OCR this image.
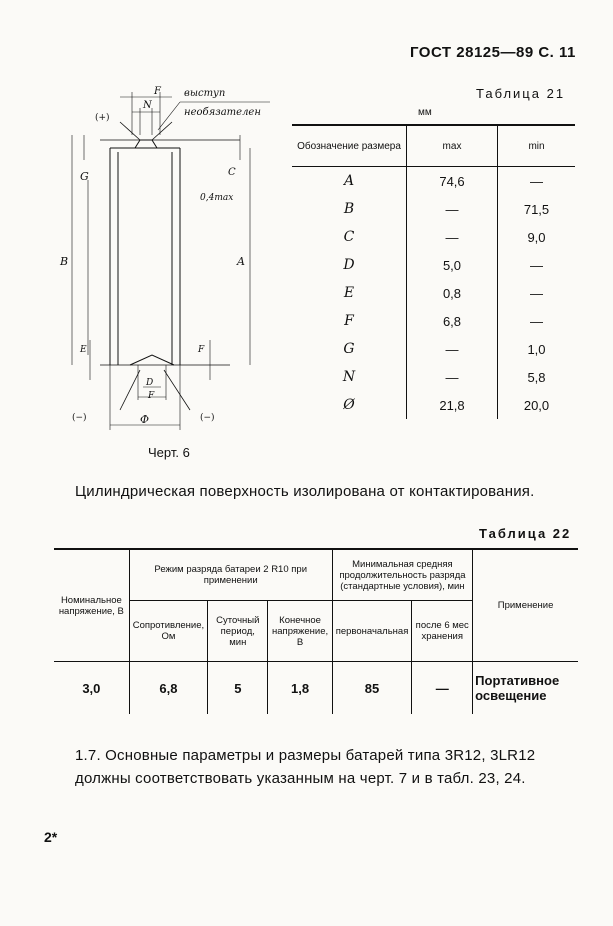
ГОСТ 28125—89 С. 11
Таблица 21
мм
Обозначение размера	max	min
A	74,6	—
B	—	71,5
C	—	9,0
D	5,0	—
E	0,8	—
F	6,8	—
G	—	1,0
N	—	5,8
Ø	21,8	20,0
F
N
(+)
выступ
необязателен
G
B	A
C
0,4max
E	F
D
F
Φ
(−)	(−)
Черт. 6
Цилиндрическая поверхность изолирована от контактирования.
Таблица 22
Номинальное напряжение, В	Режим разряда батареи 2 R10 при применении			Минимальная средняя продолжительность разряда (стандартные условия), мин		Применение
	Сопротивление, Ом	Суточный период, мин	Конечное напряжение, В	первоначальная	после 6 мес хранения	
3,0	6,8	5	1,8	85	—	Портативное освещение
1.7. Основные параметры и размеры батарей типа 3R12, 3LR12 должны соответствовать указанным на черт. 7 и в табл. 23, 24.
2*
